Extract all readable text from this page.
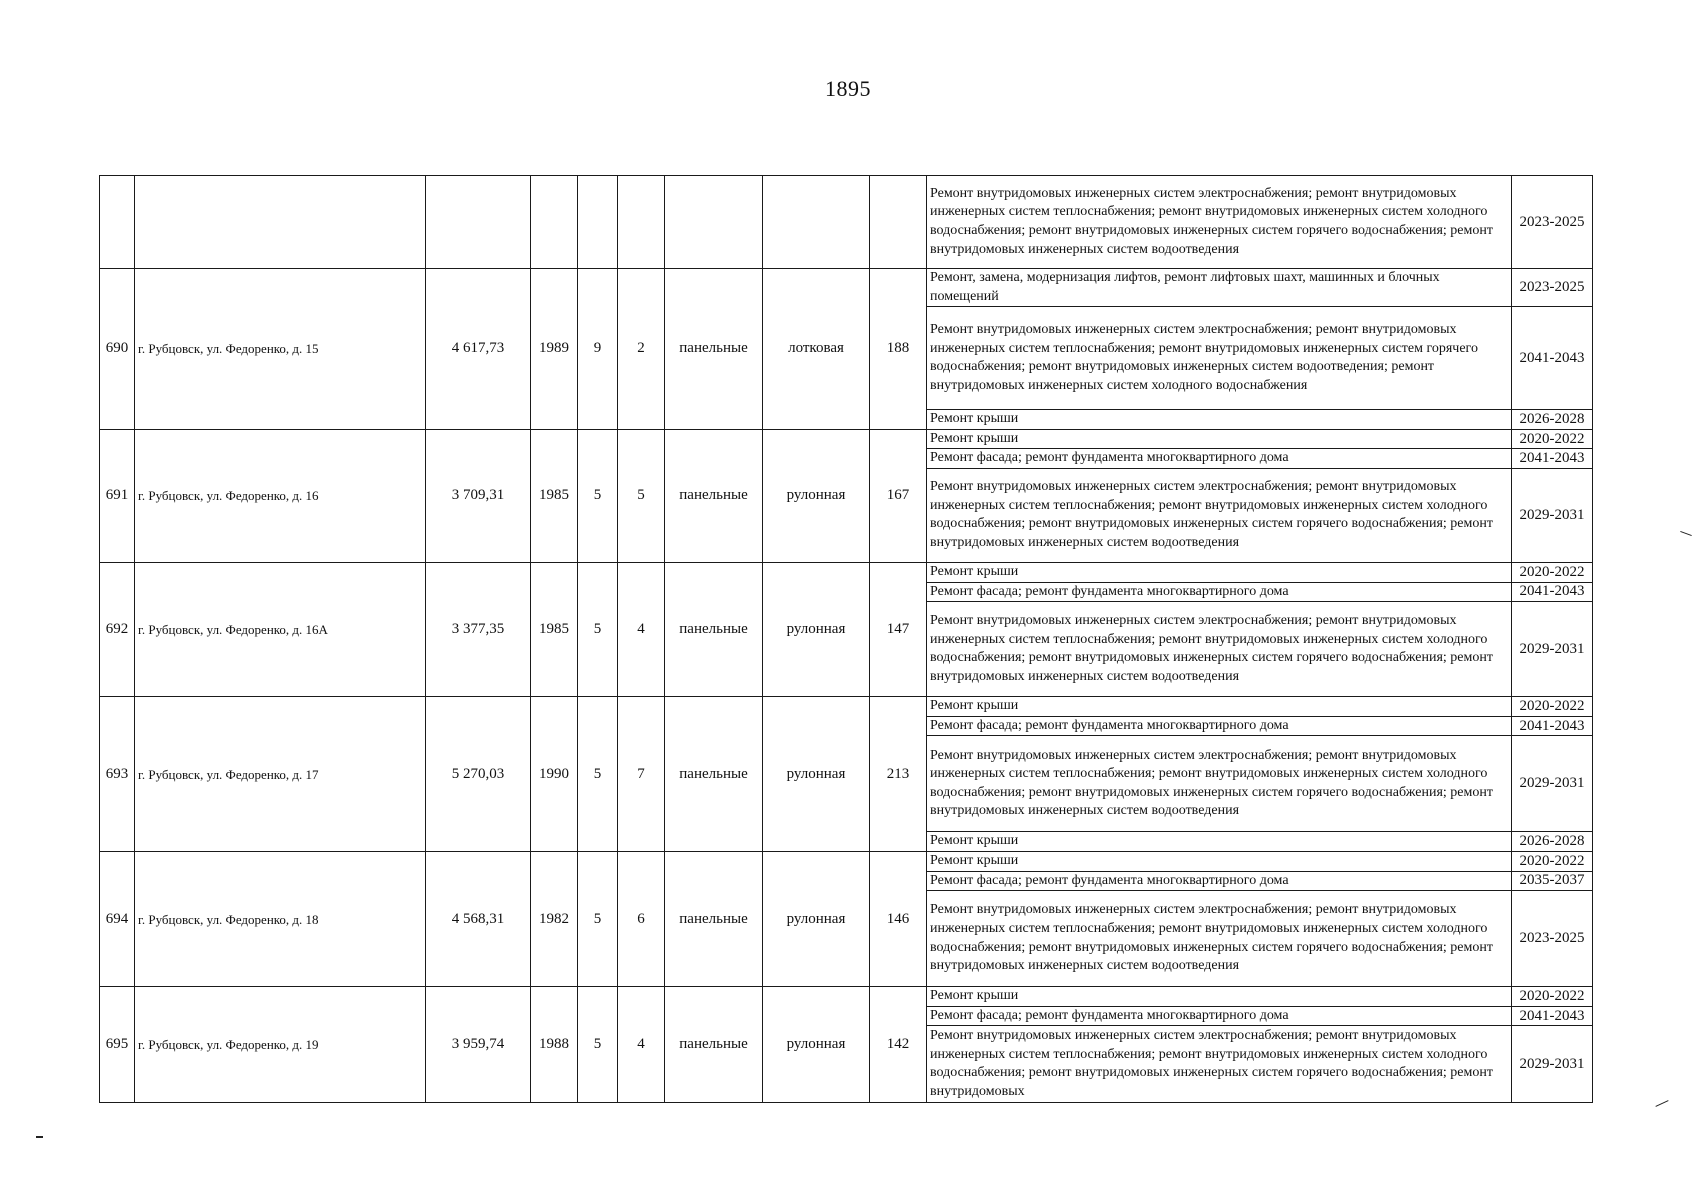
1895
									Ремонт внутридомовых инженерных систем электроснабжения; ремонт внутридомовых инженерных систем теплоснабжения; ремонт внутридомовых инженерных систем холодного водоснабжения; ремонт внутридомовых инженерных систем горячего водоснабжения; ремонт внутридомовых инженерных систем водоотведения	2023-2025
690	г. Рубцовск, ул. Федоренко, д. 15	4 617,73	1989	9	2	панельные	лотковая	188	Ремонт, замена, модернизация лифтов, ремонт лифтовых шахт, машинных и блочных помещений	2023-2025
									Ремонт внутридомовых инженерных систем электроснабжения; ремонт внутридомовых инженерных систем теплоснабжения; ремонт внутридомовых инженерных систем горячего водоснабжения; ремонт внутридомовых инженерных систем водоотведения; ремонт внутридомовых инженерных систем холодного водоснабжения	2041-2043
									Ремонт крыши	2026-2028
691	г. Рубцовск, ул. Федоренко, д. 16	3 709,31	1985	5	5	панельные	рулонная	167	Ремонт крыши	2020-2022
									Ремонт фасада; ремонт фундамента многоквартирного дома	2041-2043
									Ремонт внутридомовых инженерных систем электроснабжения; ремонт внутридомовых инженерных систем теплоснабжения; ремонт внутридомовых инженерных систем холодного водоснабжения; ремонт внутридомовых инженерных систем горячего водоснабжения; ремонт внутридомовых инженерных систем водоотведения	2029-2031
692	г. Рубцовск, ул. Федоренко, д. 16А	3 377,35	1985	5	4	панельные	рулонная	147	Ремонт крыши	2020-2022
									Ремонт фасада; ремонт фундамента многоквартирного дома	2041-2043
									Ремонт внутридомовых инженерных систем электроснабжения; ремонт внутридомовых инженерных систем теплоснабжения; ремонт внутридомовых инженерных систем холодного водоснабжения; ремонт внутридомовых инженерных систем горячего водоснабжения; ремонт внутридомовых инженерных систем водоотведения	2029-2031
693	г. Рубцовск, ул. Федоренко, д. 17	5 270,03	1990	5	7	панельные	рулонная	213	Ремонт крыши	2020-2022
									Ремонт фасада; ремонт фундамента многоквартирного дома	2041-2043
									Ремонт внутридомовых инженерных систем электроснабжения; ремонт внутридомовых инженерных систем теплоснабжения; ремонт внутридомовых инженерных систем холодного водоснабжения; ремонт внутридомовых инженерных систем горячего водоснабжения; ремонт внутридомовых инженерных систем водоотведения	2029-2031
									Ремонт крыши	2026-2028
694	г. Рубцовск, ул. Федоренко, д. 18	4 568,31	1982	5	6	панельные	рулонная	146	Ремонт крыши	2020-2022
									Ремонт фасада; ремонт фундамента многоквартирного дома	2035-2037
									Ремонт внутридомовых инженерных систем электроснабжения; ремонт внутридомовых инженерных систем теплоснабжения; ремонт внутридомовых инженерных систем холодного водоснабжения; ремонт внутридомовых инженерных систем горячего водоснабжения; ремонт внутридомовых инженерных систем водоотведения	2023-2025
695	г. Рубцовск, ул. Федоренко, д. 19	3 959,74	1988	5	4	панельные	рулонная	142	Ремонт крыши	2020-2022
									Ремонт фасада; ремонт фундамента многоквартирного дома	2041-2043
									Ремонт внутридомовых инженерных систем электроснабжения; ремонт внутридомовых инженерных систем теплоснабжения; ремонт внутридомовых инженерных систем холодного водоснабжения; ремонт внутридомовых инженерных систем горячего водоснабжения; ремонт внутридомовых	2029-2031
